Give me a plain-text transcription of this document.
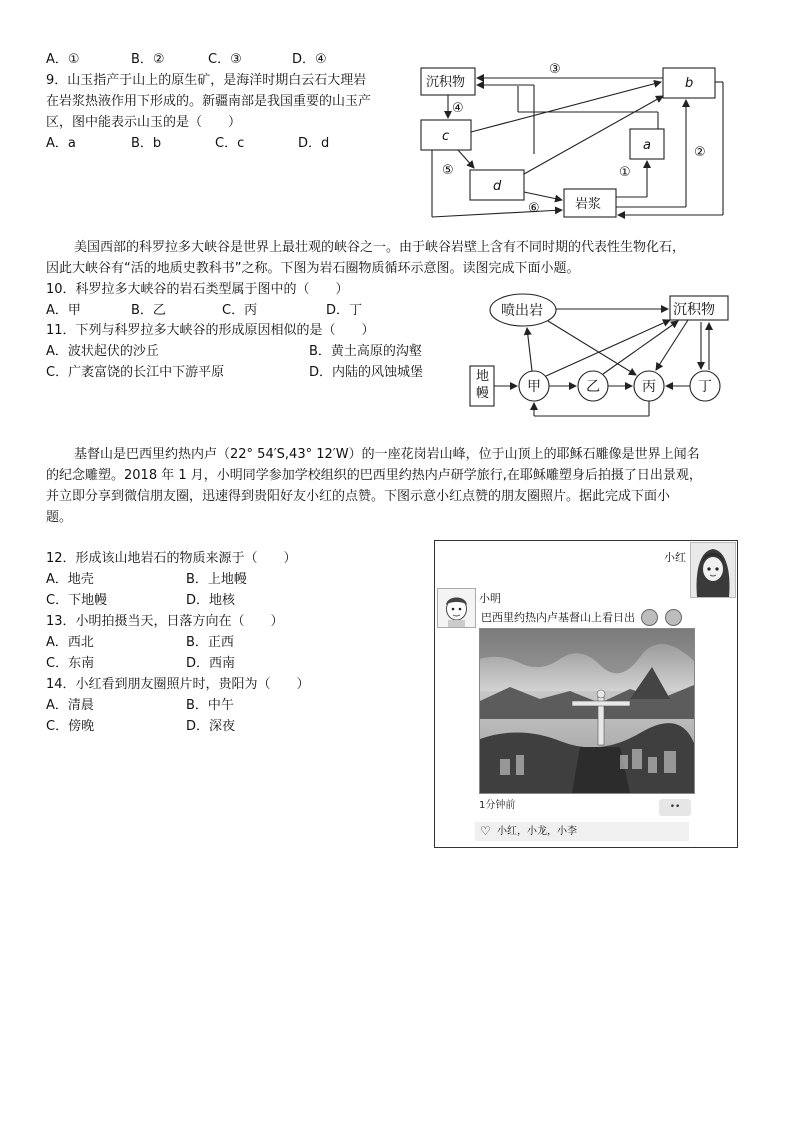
A．①	B．②	C．③	D．④
9．山玉指产于山上的原生矿，是海洋时期白云石大理岩
在岩浆热液作用下形成的。新疆南部是我国重要的山玉产
区，图中能表示山玉的是（　　）
A．a	B．b	C．c	D．d
沉积物	b
c
a
d
岩浆
③
④
⑤
⑥
①
②
美国西部的科罗拉多大峡谷是世界上最壮观的峡谷之一。由于峡谷岩壁上含有不同时期的代表性生物化石，
因此大峡谷有“活的地质史教科书”之称。下图为岩石圈物质循环示意图。读图完成下面小题。
10．科罗拉多大峡谷的岩石类型属于图中的（　　）
A．甲	B．乙	C．丙	D．丁
11．下列与科罗拉多大峡谷的形成原因相似的是（　　）
A．波状起伏的沙丘	B．黄土高原的沟壑
C．广袤富饶的长江中下游平原	D．内陆的风蚀城堡
喷出岩	沉积物
甲	乙	丙	丁
地幔
基督山是巴西里约热内卢（22° 54′S,43° 12′W）的一座花岗岩山峰，位于山顶上的耶稣石雕像是世界上闻名
的纪念雕塑。2018 年 1 月，小明同学参加学校组织的巴西里约热内卢研学旅行,在耶稣雕塑身后拍摄了日出景观，
并立即分享到微信朋友圈，迅速得到贵阳好友小红的点赞。下图示意小红点赞的朋友圈照片。据此完成下面小
题。
12．形成该山地岩石的物质来源于（　　）
A．地壳	B．上地幔
C．下地幔	D．地核
13．小明拍摄当天，日落方向在（　　）
A．西北	B．正西
C．东南	D．西南
14．小红看到朋友圈照片时，贵阳为（　　）
A．清晨	B．中午
C．傍晚	D．深夜
小红
小明
巴西里约热内卢基督山上看日出

1分钟前	••
♡ 小红，小龙，小李
